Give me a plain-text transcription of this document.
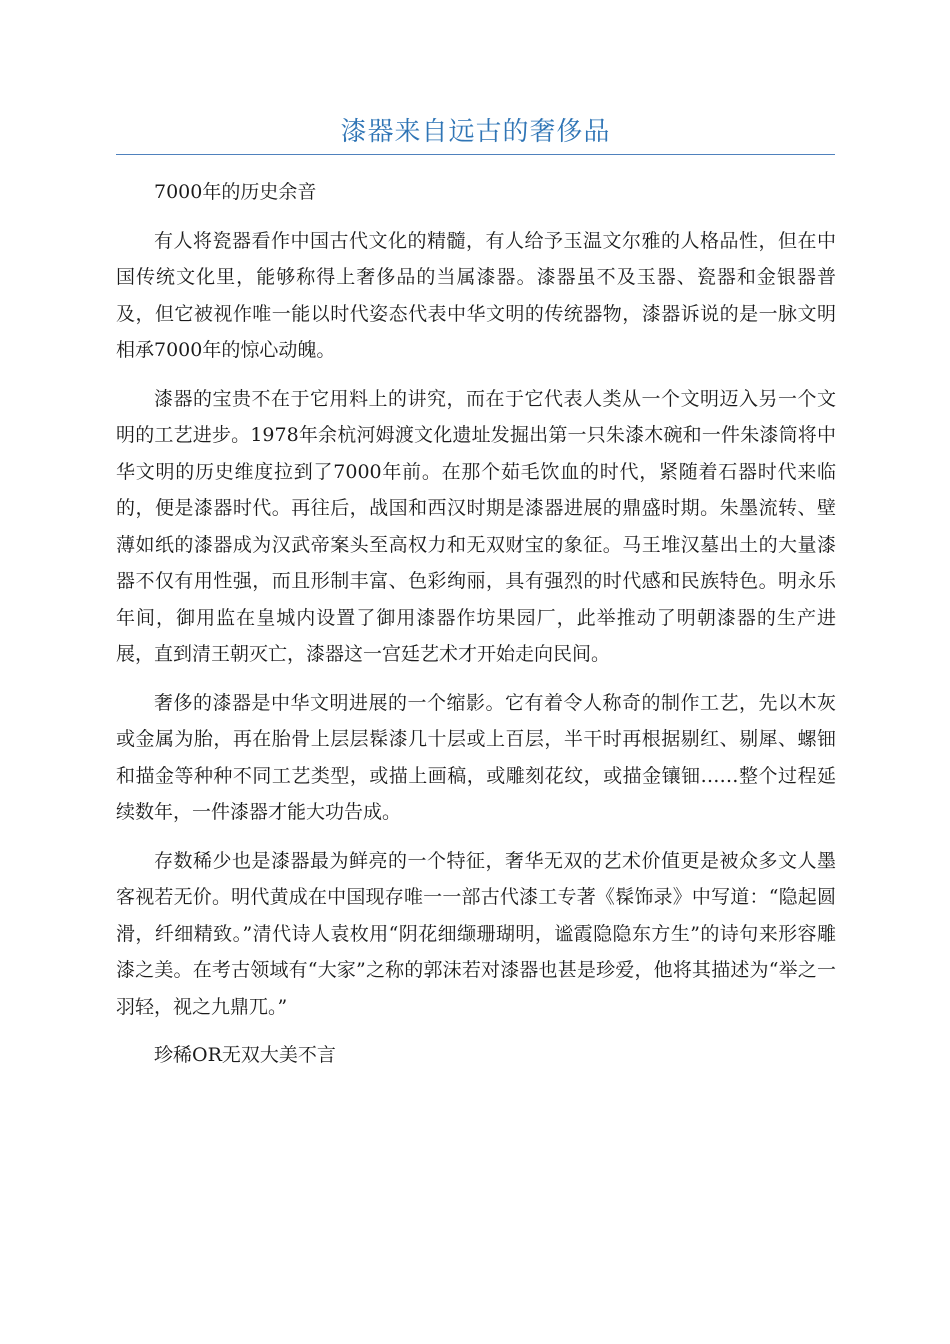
漆器来自远古的奢侈品

7000年的历史余音

有人将瓷器看作中国古代文化的精髓，有人给予玉温文尔雅的人格品性，但在中国传统文化里，能够称得上奢侈品的当属漆器。漆器虽不及玉器、瓷器和金银器普及，但它被视作唯一能以时代姿态代表中华文明的传统器物，漆器诉说的是一脉文明相承7000年的惊心动魄。

漆器的宝贵不在于它用料上的讲究，而在于它代表人类从一个文明迈入另一个文明的工艺进步。1978年余杭河姆渡文化遗址发掘出第一只朱漆木碗和一件朱漆筒将中华文明的历史维度拉到了7000年前。在那个茹毛饮血的时代，紧随着石器时代来临的，便是漆器时代。再往后，战国和西汉时期是漆器进展的鼎盛时期。朱墨流转、壁薄如纸的漆器成为汉武帝案头至高权力和无双财宝的象征。马王堆汉墓出土的大量漆器不仅有用性强，而且形制丰富、色彩绚丽，具有强烈的时代感和民族特色。明永乐年间，御用监在皇城内设置了御用漆器作坊果园厂，此举推动了明朝漆器的生产进展，直到清王朝灭亡，漆器这一宫廷艺术才开始走向民间。

奢侈的漆器是中华文明进展的一个缩影。它有着令人称奇的制作工艺，先以木灰或金属为胎，再在胎骨上层层髹漆几十层或上百层，半干时再根据剔红、剔犀、螺钿和描金等种种不同工艺类型，或描上画稿，或雕刻花纹，或描金镶钿……整个过程延续数年，一件漆器才能大功告成。

存数稀少也是漆器最为鲜亮的一个特征，奢华无双的艺术价值更是被众多文人墨客视若无价。明代黄成在中国现存唯一一部古代漆工专著《髹饰录》中写道：“隐起圆滑，纤细精致。”清代诗人袁枚用“阴花细缬珊瑚明，谧霞隐隐东方生”的诗句来形容雕漆之美。在考古领域有“大家”之称的郭沫若对漆器也甚是珍爱，他将其描述为“举之一羽轻，视之九鼎兀。”

珍稀OR无双大美不言
